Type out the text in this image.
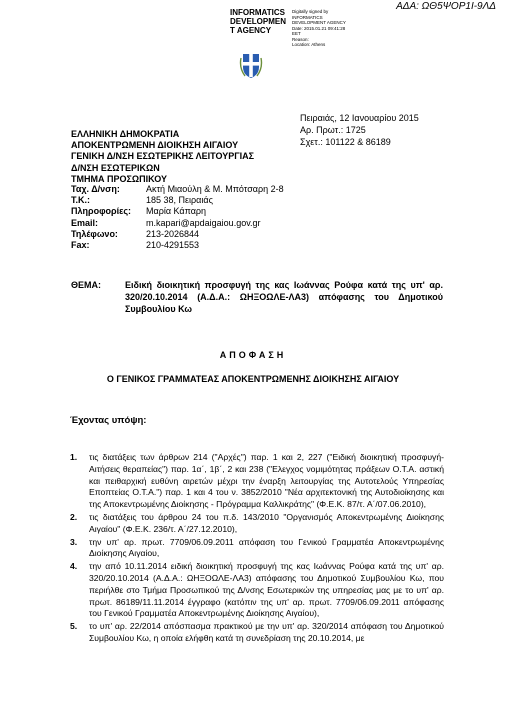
ΑΔΑ: ΩΘ5ΨΟΡ1Ι-9ΛΔ
INFORMATICS DEVELOPMEN T AGENCY
Digitally signed by
INFORMATICS
DEVELOPMENT AGENCY
Date: 2015.01.21 09:41:28
EET
Reason:
Location: Athens
Πειραιάς, 12 Ιανουαρίου 2015
Αρ. Πρωτ.: 1725
Σχετ.: 101122 & 86189
ΕΛΛΗΝΙΚΗ ΔΗΜΟΚΡΑΤΙΑ
ΑΠΟΚΕΝΤΡΩΜΕΝΗ ΔΙΟΙΚΗΣΗ ΑΙΓΑΙΟΥ
ΓΕΝΙΚΗ Δ/ΝΣΗ ΕΣΩΤΕΡΙΚΗΣ ΛΕΙΤΟΥΡΓΙΑΣ
Δ/ΝΣΗ ΕΣΩΤΕΡΙΚΩΝ
ΤΜΗΜΑ ΠΡΟΣΩΠΙΚΟΥ
Ταχ. Δ/νση:	Ακτή Μιαούλη & Μ. Μπότσαρη 2-8
Τ.Κ.:	185 38, Πειραιάς
Πληροφορίες:	Μαρία Κάπαρη
Email:	m.kapari@apdaigaiou.gov.gr
Τηλέφωνο:	213-2026844
Fax:	210-4291553
ΘΕΜΑ:	Ειδική διοικητική προσφυγή της κας Ιωάννας Ρούφα κατά της υπ' αρ. 320/20.10.2014 (Α.Δ.Α.: ΩΗΞΟΩΛΕ-ΛΑ3) απόφασης του Δημοτικού Συμβουλίου Κω
ΑΠΟΦΑΣΗ
Ο ΓΕΝΙΚΟΣ ΓΡΑΜΜΑΤΕΑΣ ΑΠΟΚΕΝΤΡΩΜΕΝΗΣ ΔΙΟΙΚΗΣΗΣ ΑΙΓΑΙΟΥ
Έχοντας υπόψη:
1.	τις διατάξεις των άρθρων 214 ("Αρχές") παρ. 1 και 2, 227 ("Ειδική διοικητική προσφυγή-Αιτήσεις θεραπείας") παρ. 1α΄, 1β΄, 2 και 238 ("Ελεγχος νομιμότητας πράξεων Ο.Τ.Α. αστική και πειθαρχική ευθύνη αιρετών μέχρι την έναρξη λειτουργίας της Αυτοτελούς Υπηρεσίας Εποπτείας Ο.Τ.Α.") παρ. 1 και 4 του ν. 3852/2010 "Νέα αρχιτεκτονική της Αυτοδιοίκησης και της Αποκεντρωμένης Διοίκησης - Πρόγραμμα Καλλικράτης" (Φ.Ε.Κ. 87/τ. Α΄/07.06.2010),
2.	τις διατάξεις του άρθρου 24 του π.δ. 143/2010 "Οργανισμός Αποκεντρωμένης Διοίκησης Αιγαίου" (Φ.Ε.Κ. 236/τ. Α΄/27.12.2010),
3.	την υπ' αρ. πρωτ. 7709/06.09.2011 απόφαση του Γενικού Γραμματέα Αποκεντρωμένης Διοίκησης Αιγαίου,
4.	την από 10.11.2014 ειδική διοικητική προσφυγή της κας Ιωάννας Ρούφα κατά της υπ' αρ. 320/20.10.2014 (Α.Δ.Α.: ΩΗΞΟΩΛΕ-ΛΑ3) απόφασης του Δημοτικού Συμβουλίου Κω, που περιήλθε στο Τμήμα Προσωπικού της Δ/νσης Εσωτερικών της υπηρεσίας μας με το υπ' αρ. πρωτ. 86189/11.11.2014 έγγραφο (κατόπιν της υπ' αρ. πρωτ. 7709/06.09.2011 απόφασης του Γενικού Γραμματέα Αποκεντρωμένης Διοίκησης Αιγαίου),
5.	το υπ' αρ. 22/2014 απόσπασμα πρακτικού με την υπ' αρ. 320/2014 απόφαση του Δημοτικού Συμβουλίου Κω, η οποία ελήφθη κατά τη συνεδρίαση της 20.10.2014, με
